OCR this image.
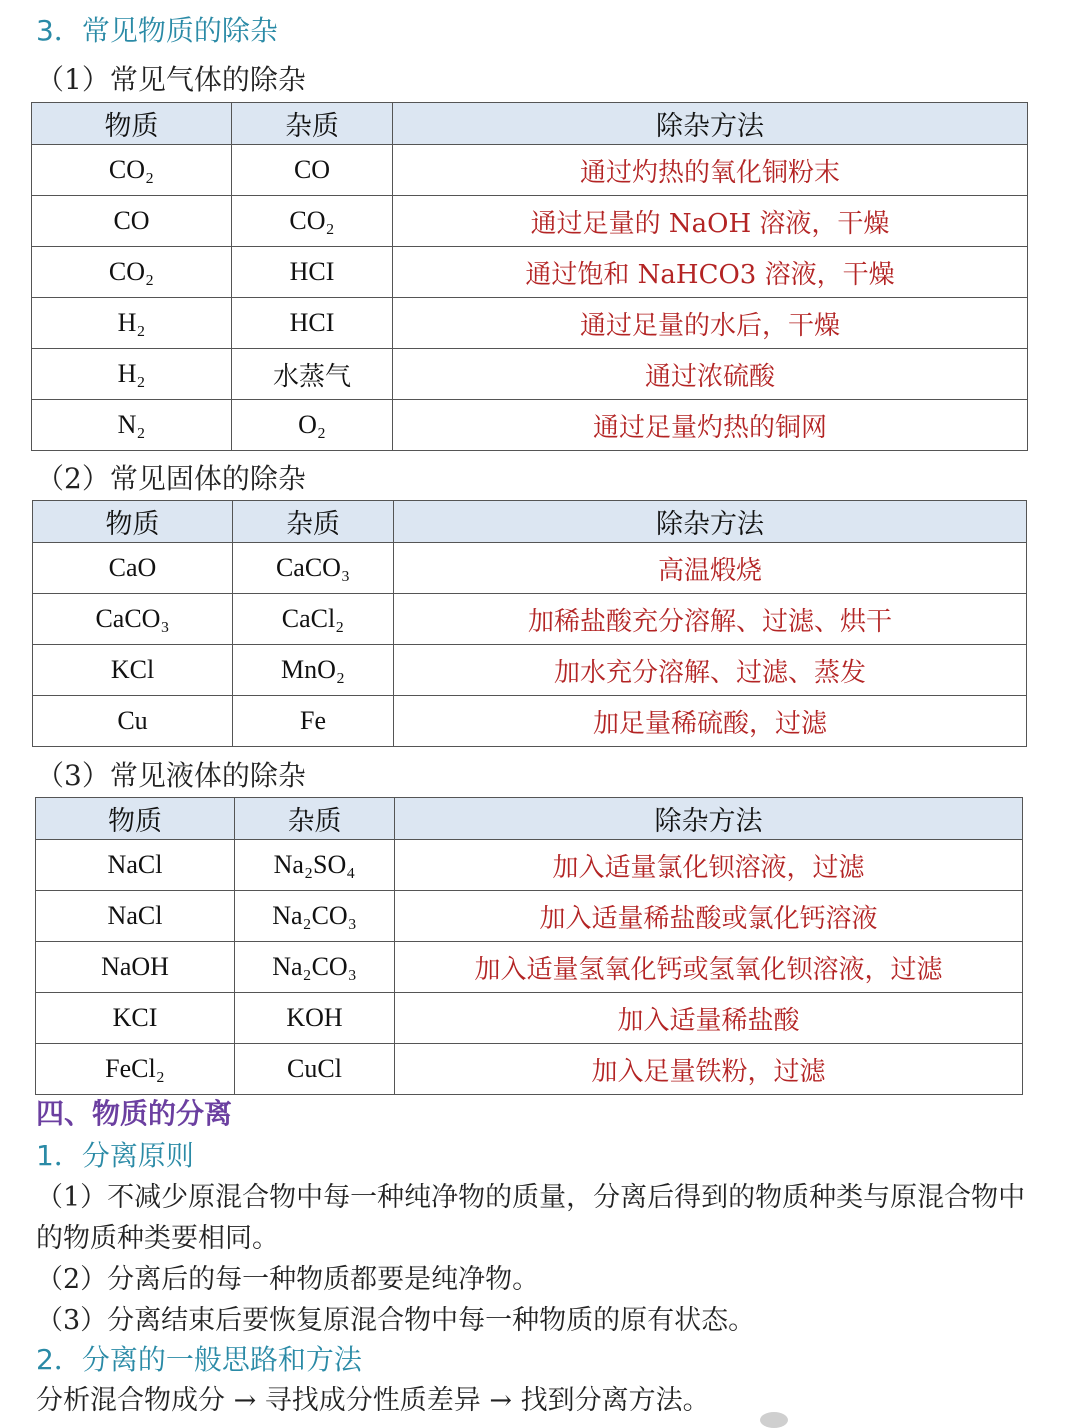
3．常见物质的除杂
（1）常见气体的除杂
物质	杂质	除杂方法
CO₂	CO	通过灼热的氧化铜粉末
CO	CO₂	通过足量的 NaOH 溶液，干燥
CO₂	HCI	通过饱和 NaHCO3 溶液，干燥
H₂	HCI	通过足量的水后，干燥
H₂	水蒸气	通过浓硫酸
N₂	O₂	通过足量灼热的铜网
（2）常见固体的除杂
物质	杂质	除杂方法
CaO	CaCO₃	高温煅烧
CaCO₃	CaCl₂	加稀盐酸充分溶解、过滤、烘干
KCl	MnO₂	加水充分溶解、过滤、蒸发
Cu	Fe	加足量稀硫酸，过滤
（3）常见液体的除杂
物质	杂质	除杂方法
NaCl	Na₂SO₄	加入适量氯化钡溶液，过滤
NaCl	Na₂CO₃	加入适量稀盐酸或氯化钙溶液
NaOH	Na₂CO₃	加入适量氢氧化钙或氢氧化钡溶液，过滤
KCI	KOH	加入适量稀盐酸
FeCl₂	CuCl	加入足量铁粉，过滤
四、物质的分离
1．分离原则

（1）不减少原混合物中每一种纯净物的质量，分离后得到的物质种类与原混合物中的物质种类要相同。

（2）分离后的每一种物质都要是纯净物。

（3）分离结束后要恢复原混合物中每一种物质的原有状态。

2．分离的一般思路和方法
分析混合物成分 → 寻找成分性质差异 → 找到分离方法。
